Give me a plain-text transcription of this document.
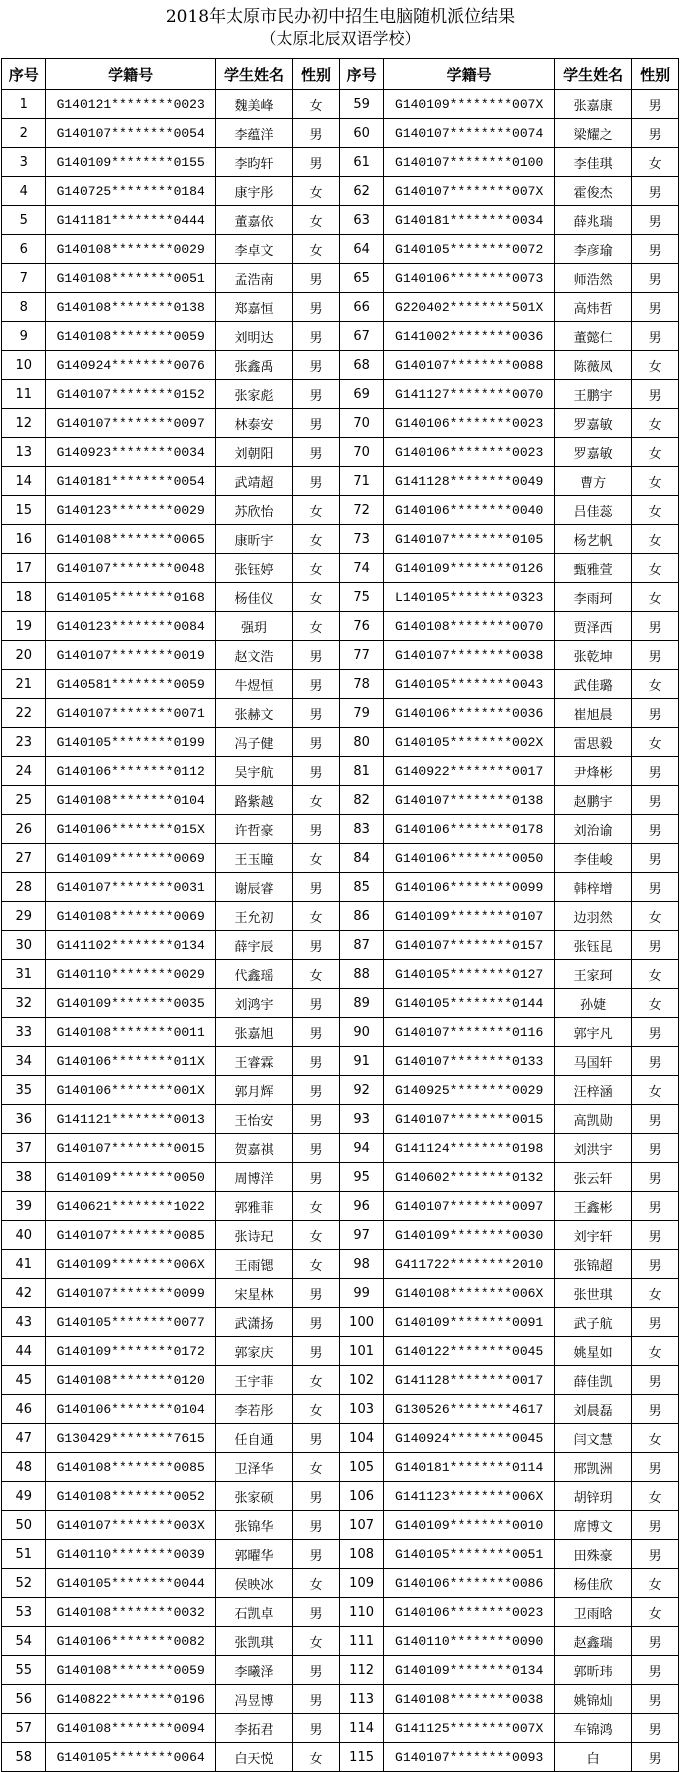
2018年太原市民办初中招生电脑随机派位结果
（太原北辰双语学校）
序号	学籍号	学生姓名	性别	序号	学籍号	学生姓名	性别
1	G140121********0023	魏美峰	女	59	G140109********007X	张嘉康	男
2	G140107********0054	李蕴洋	男	60	G140107********0074	梁耀之	男
3	G140109********0155	李昀轩	男	61	G140107********0100	李佳琪	女
4	G140725********0184	康宇彤	女	62	G140107********007X	霍俊杰	男
5	G141181********0444	董嘉依	女	63	G140181********0034	薛兆瑞	男
6	G140108********0029	李卓文	女	64	G140105********0072	李彦瑜	男
7	G140108********0051	孟浩南	男	65	G140106********0073	师浩然	男
8	G140108********0138	郑嘉恒	男	66	G220402********501X	高炜哲	男
9	G140108********0059	刘明达	男	67	G141002********0036	董懿仁	男
10	G140924********0076	张鑫禹	男	68	G140107********0088	陈薇凤	女
11	G140107********0152	张家彪	男	69	G141127********0070	王鹏宇	男
12	G140107********0097	林泰安	男	70	G140106********0023	罗嘉敏	女
13	G140923********0034	刘朝阳	男	70	G140106********0023	罗嘉敏	女
14	G140181********0054	武靖超	男	71	G141128********0049	曹方	女
15	G140123********0029	苏欣怡	女	72	G140106********0040	吕佳蕊	女
16	G140108********0065	康昕宇	女	73	G140107********0105	杨艺帆	女
17	G140107********0048	张钰婷	女	74	G140109********0126	甄雅萱	女
18	G140105********0168	杨佳仪	女	75	L140105********0323	李雨珂	女
19	G140123********0084	强玥	女	76	G140108********0070	贾泽西	男
20	G140107********0019	赵文浩	男	77	G140107********0038	张乾坤	男
21	G140581********0059	牛煜恒	男	78	G140105********0043	武佳璐	女
22	G140107********0071	张赫文	男	79	G140106********0036	崔旭晨	男
23	G140105********0199	冯子健	男	80	G140105********002X	雷思毅	女
24	G140106********0112	吴宇航	男	81	G140922********0017	尹烽彬	男
25	G140108********0104	路紫越	女	82	G140107********0138	赵鹏宇	男
26	G140106********015X	许哲豪	男	83	G140106********0178	刘治谕	男
27	G140109********0069	王玉瞳	女	84	G140106********0050	李佳峻	男
28	G140107********0031	谢辰睿	男	85	G140106********0099	韩梓增	男
29	G140108********0069	王允初	女	86	G140109********0107	边羽然	女
30	G141102********0134	薛宇辰	男	87	G140107********0157	张钰昆	男
31	G140110********0029	代鑫瑶	女	88	G140105********0127	王家珂	女
32	G140109********0035	刘鸿宇	男	89	G140105********0144	孙婕	女
33	G140108********0011	张嘉旭	男	90	G140107********0116	郭宇凡	男
34	G140106********011X	王睿霖	男	91	G140107********0133	马国轩	男
35	G140106********001X	郭月辉	男	92	G140925********0029	汪梓涵	女
36	G141121********0013	王怡安	男	93	G140107********0015	高凯勋	男
37	G140107********0015	贺嘉祺	男	94	G141124********0198	刘洪宇	男
38	G140109********0050	周博洋	男	95	G140602********0132	张云轩	男
39	G140621********1022	郭雅菲	女	96	G140107********0097	王鑫彬	男
40	G140107********0085	张诗玘	女	97	G140109********0030	刘宇轩	男
41	G140109********006X	王雨锶	女	98	G411722********2010	张锦超	男
42	G140107********0099	宋星林	男	99	G140108********006X	张世琪	女
43	G140105********0077	武潇扬	男	100	G140109********0091	武子航	男
44	G140109********0172	郭家庆	男	101	G140122********0045	姚星如	女
45	G140108********0120	王宇菲	女	102	G141128********0017	薛佳凯	男
46	G140106********0104	李若彤	女	103	G130526********4617	刘晨磊	男
47	G130429********7615	任自通	男	104	G140924********0045	闫文慧	女
48	G140108********0085	卫泽华	女	105	G140181********0114	邢凯洲	男
49	G140108********0052	张家硕	男	106	G141123********006X	胡锌玥	女
50	G140107********003X	张锦华	男	107	G140109********0010	席博文	男
51	G140110********0039	郭曜华	男	108	G140105********0051	田殊豪	男
52	G140105********0044	侯映冰	女	109	G140106********0086	杨佳欣	女
53	G140108********0032	石凯卓	男	110	G140106********0023	卫雨晗	女
54	G140106********0082	张凯琪	女	111	G140110********0090	赵鑫瑞	男
55	G140108********0059	李曦泽	男	112	G140109********0134	郭昕玮	男
56	G140822********0196	冯昱博	男	113	G140108********0038	姚锦灿	男
57	G140108********0094	李拓君	男	114	G141125********007X	车锦鸿	男
58	G140105********0064	白天悦	女	115	G140107********0093	白	男
